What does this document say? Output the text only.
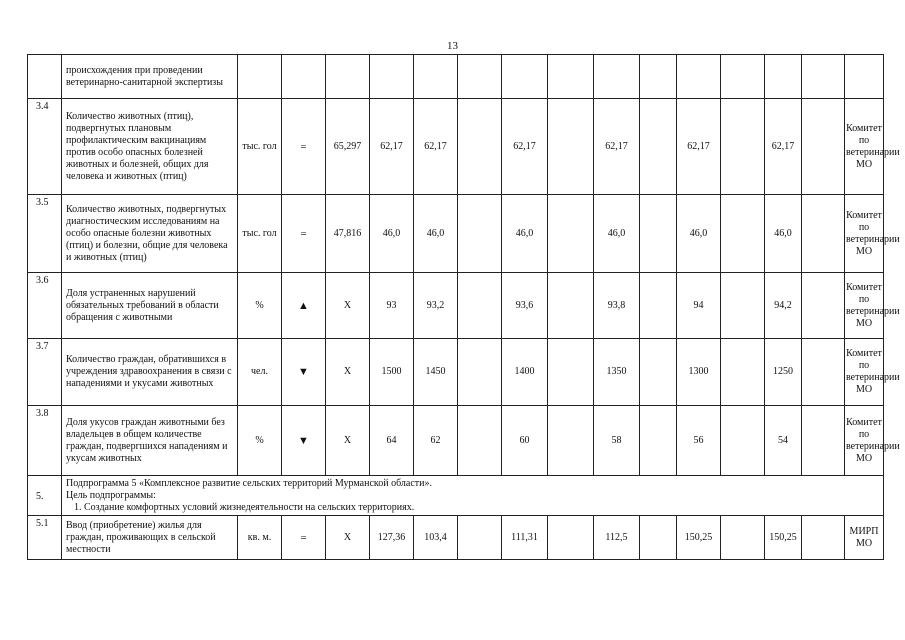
13
	происхождения при проведении ветеринарно-санитарной экспертизы																
3.4	Количество животных (птиц), подвергнутых плановым профилактическим вакцинациям против особо опасных болезней животных и болезней, общих для человека и животных (птиц)	тыс. гол	=	65,297	62,17	62,17		62,17		62,17		62,17		62,17		Комитет по ветеринарии МО	
3.5	Количество животных, подвергнутых диагностическим исследованиям на особо опасные болезни животных (птиц) и болезни, общие для человека и животных (птиц)	тыс. гол	=	47,816	46,0	46,0		46,0		46,0		46,0		46,0		Комитет по ветеринарии МО	
3.6	Доля устраненных нарушений обязательных требований в области обращения с животными	%	▲	Х	93	93,2		93,6		93,8		94		94,2		Комитет по ветеринарии МО	
3.7	Количество граждан, обратившихся в учреждения здравоохранения в связи с нападениями и укусами животных	чел.	▼	Х	1500	1450		1400		1350		1300		1250		Комитет по ветеринарии МО	
3.8	Доля укусов граждан животными без владельцев в общем количестве граждан, подвергшихся нападениям и укусам животных	%	▼	Х	64	62		60		58		56		54		Комитет по ветеринарии МО	
5.	Подпрограмма 5 «Комплексное развитие сельских территорий Мурманской области».
Цель подпрограммы:
1. Создание комфортных условий жизнедеятельности на сельских территориях.																

5.1	Ввод (приобретение) жилья для граждан, проживающих в сельской местности	кв. м.	=	Х	127,36	103,4		111,31		112,5		150,25		150,25		МИРП МО	
